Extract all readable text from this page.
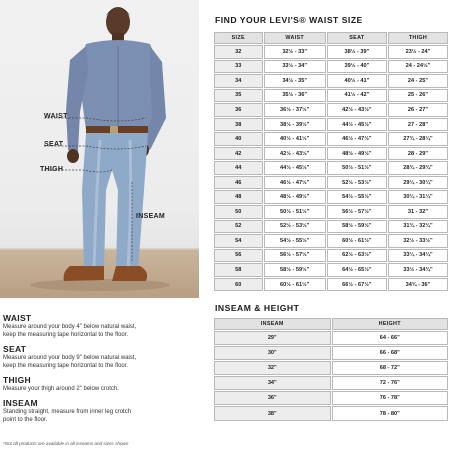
WAIST
SEAT
THIGH
INSEAM
WAIST

Measure around your body 4" below natural waist,

keep the measuring tape horizontal to the floor.

SEAT

Measure around your body 9" below natural waist,

keep the measuring tape horizontal to the floor.

THIGH

Measure your thigh around 2" below crotch.

INSEAM

Standing straight, measure from inner leg crotch

point to the floor.

*Not all products are available in all inseams and sizes shown
FIND YOUR LEVI'S® WAIST SIZE
SIZE	WAIST	SEAT	THIGH
32	32½ - 33"	38½ - 39"	23½ - 24"
33	33½ - 34"	39½ - 40"	24 - 24½"
34	34½ - 35"	40½ - 41"	24 - 25"
35	35½ - 36"	41½ - 42"	25 - 26"
36	36½ - 37½"	42½ - 43½"	26 - 27"
38	38½ - 39½"	44½ - 45½"	27 - 28"
40	40½ - 41½"	46½ - 47½"	27¾ - 28¼"
42	42½ - 43½"	48½ - 49½"	28 - 29"
44	44½ - 45½"	50½ - 51½"	28¾ - 29¾"
46	46½ - 47½"	52½ - 53½"	29¼ - 30¼"
48	48½ - 49½"	54½ - 55½"	30¼ - 31¼"
50	50½ - 51½"	56½ - 57½"	31 - 32"
52	52½ - 53½"	58½ - 59½"	31¾ - 32¾"
54	54½ - 55½"	60½ - 61½"	32½ - 33½"
56	56½ - 57½"	62½ - 63½"	33¼ - 34¼"
58	58½ - 59½"	64½ - 65½"	33½ - 34¾"
60	60½ - 61½"	66½ - 67½"	34¾ - 36"
INSEAM & HEIGHT
INSEAM	HEIGHT
29"	64 - 66"
30"	66 - 68"
32"	68 - 72"
34"	72 - 76"
36"	76 - 78"
38"	78 - 80"
